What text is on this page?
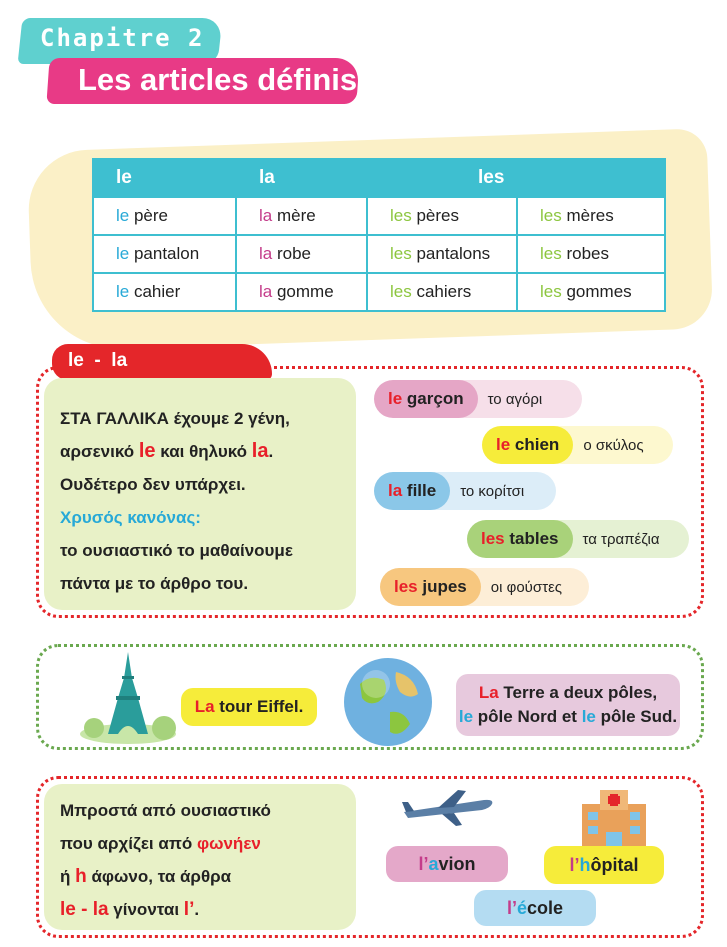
Chapitre 2
Les articles définis
le	la	les	
le père	la mère	les pères	les mères
le pantalon	la robe	les pantalons	les robes
le cahier	la gomme	les cahiers	les gommes
le  -  la
ΣΤΑ ΓΑΛΛΙΚΑ έχουμε 2 γένη,
αρσενικό le και θηλυκό la.
Ουδέτερο δεν υπάρχει.
Χρυσός κανόνας:
το ουσιαστικό το μαθαίνουμε
πάντα με το άρθρο του.
le garçon	το αγόρι
le chien	ο σκύλος
la fille	το κορίτσι
les tables	τα τραπέζια
les jupes	οι φούστες
La tour Eiffel.
La Terre a deux pôles,
le pôle Nord et le pôle Sud.
Μπροστά από ουσιαστικό
που αρχίζει από φωνήεν
ή h άφωνο, τα άρθρα
le - la γίνονται l’.
l’ a vion	l’ h ôpital
l’ é cole
